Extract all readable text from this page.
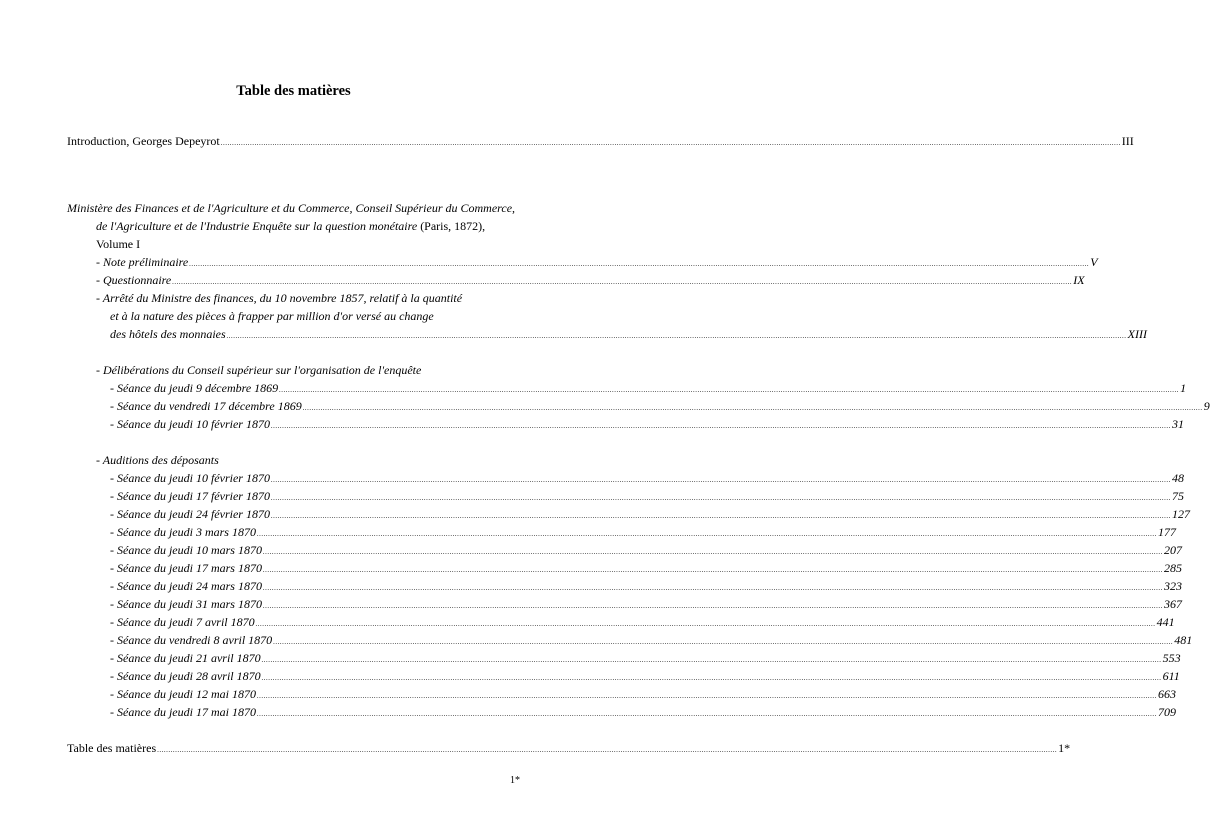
Table des matières
Introduction, Georges Depeyrot ................................................................................................................................................................................................................................................................................................................................................................................................................ III
Ministère des Finances et de l'Agriculture et du Commerce, Conseil Supérieur du Commerce,
de l'Agriculture et de l'Industrie Enquête sur la question monétaire (Paris, 1872),
Volume I
- Note préliminaire ................................................................................................................................................................................................................................................................................................................................................................................................................ V
- Questionnaire ................................................................................................................................................................................................................................................................................................................................................................................................................ IX
- Arrêté du Ministre des finances, du 10 novembre 1857, relatif à la quantité
et à la nature des pièces à frapper par million d'or versé au change
des hôtels des monnaies ................................................................................................................................................................................................................................................................................................................................................................................................................ XIII
- Délibérations du Conseil supérieur sur l'organisation de l'enquête
- Séance du jeudi 9 décembre 1869 ................................................................................................................................................................................................................................................................................................................................................................................................................ 1
- Séance du vendredi 17 décembre 1869 ................................................................................................................................................................................................................................................................................................................................................................................................................ 9
- Séance du jeudi 10 février 1870 ................................................................................................................................................................................................................................................................................................................................................................................................................ 31
- Auditions des déposants
- Séance du jeudi 10 février 1870 ................................................................................................................................................................................................................................................................................................................................................................................................................ 48
- Séance du jeudi 17 février 1870 ................................................................................................................................................................................................................................................................................................................................................................................................................ 75
- Séance du jeudi 24 février 1870 ................................................................................................................................................................................................................................................................................................................................................................................................................ 127
- Séance du jeudi 3 mars 1870 ................................................................................................................................................................................................................................................................................................................................................................................................................ 177
- Séance du jeudi 10 mars 1870 ................................................................................................................................................................................................................................................................................................................................................................................................................ 207
- Séance du jeudi 17 mars 1870 ................................................................................................................................................................................................................................................................................................................................................................................................................ 285
- Séance du jeudi 24 mars 1870 ................................................................................................................................................................................................................................................................................................................................................................................................................ 323
- Séance du jeudi 31 mars 1870 ................................................................................................................................................................................................................................................................................................................................................................................................................ 367
- Séance du jeudi 7 avril 1870 ................................................................................................................................................................................................................................................................................................................................................................................................................ 441
- Séance du vendredi 8 avril 1870 ................................................................................................................................................................................................................................................................................................................................................................................................................ 481
- Séance du jeudi 21 avril 1870 ................................................................................................................................................................................................................................................................................................................................................................................................................ 553
- Séance du jeudi 28 avril 1870 ................................................................................................................................................................................................................................................................................................................................................................................................................ 611
- Séance du jeudi 12 mai 1870 ................................................................................................................................................................................................................................................................................................................................................................................................................ 663
- Séance du jeudi 17 mai 1870 ................................................................................................................................................................................................................................................................................................................................................................................................................ 709
Table des matières ................................................................................................................................................................................................................................................................................................................................................................................................................ 1*
1*
